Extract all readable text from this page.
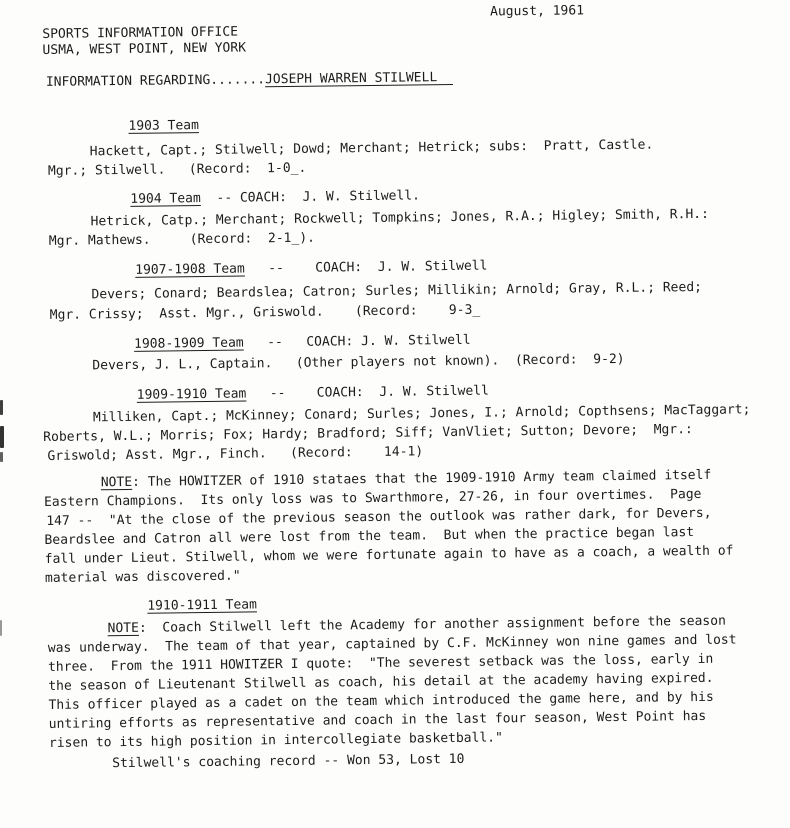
August, 1961
SPORTS INFORMATION OFFICE
USMA, WEST POINT, NEW YORK
INFORMATION REGARDING.......JOSEPH WARREN STILWELL
1903 Team
Hackett, Capt.; Stilwell; Dowd; Merchant; Hetrick; subs:  Pratt, Castle.
Mgr.; Stilwell.   (Record:  1-0_.
1904 Team  -- CΘACH:  J. W. Stilwell.
Hetrick, Catp.; Merchant; Rockwell; Tompkins; Jones, R.A.; Higley; Smith, R.H.:
Mgr. Mathews.     (Record:  2-1_).
1907-1908 Team   --    COACH:  J. W. Stilwell
Devers; Conard; Beardslea; Catron; Surles; Millikin; Arnold; Gray, R.L.; Reed;
Mgr. Crissy;  Asst. Mgr., Griswold.    (Record:    9-3_
1908-1909 Team   --   COACH: J. W. Stilwell
Devers, J. L., Captain.   (Other players not known).  (Record:  9-2)
1909-1910 Team   --    COACH:  J. W. Stilwell
Milliken, Capt.; McKinney; Conard; Surles; Jones, I.; Arnold; Copthsens; MacTaggart;
Roberts, W.L.; Morris; Fox; Hardy; Bradford; Siff; VanVliet; Sutton; Devore;  Mgr.:
Griswold; Asst. Mgr., Finch.   (Record:    14-1)
NOTE: The HOWITZER of 1910 stataes that the 1909-1910 Army team claimed itself
Eastern Champions.  Its only loss was to Swarthmore, 27-26, in four overtimes.  Page
147 --  "At the close of the previous season the outlook was rather dark, for Devers,
Beardslee and Catron all were lost from the team.  But when the practice began last
fall under Lieut. Stilwell, whom we were fortunate again to have as a coach, a wealth of
material was discovered."
1910-1911 Team
NOTE:  Coach Stilwell left the Academy for another assignment before the season
was underway.  The team of that year, captained by C.F. McKinney won nine games and lost
three.  From the 1911 HOWITƵER I quote:  "The severest setback was the loss, early in
the season of Lieutenant Stilwell as coach, his detail at the academy having expired.
This officer played as a cadet on the team which introduced the game here, and by his
untiring efforts as representative and coach in the last four season, West Point has
risen to its high position in intercollegiate basketball."
Stilwell's coaching record -- Won 53, Lost 10
